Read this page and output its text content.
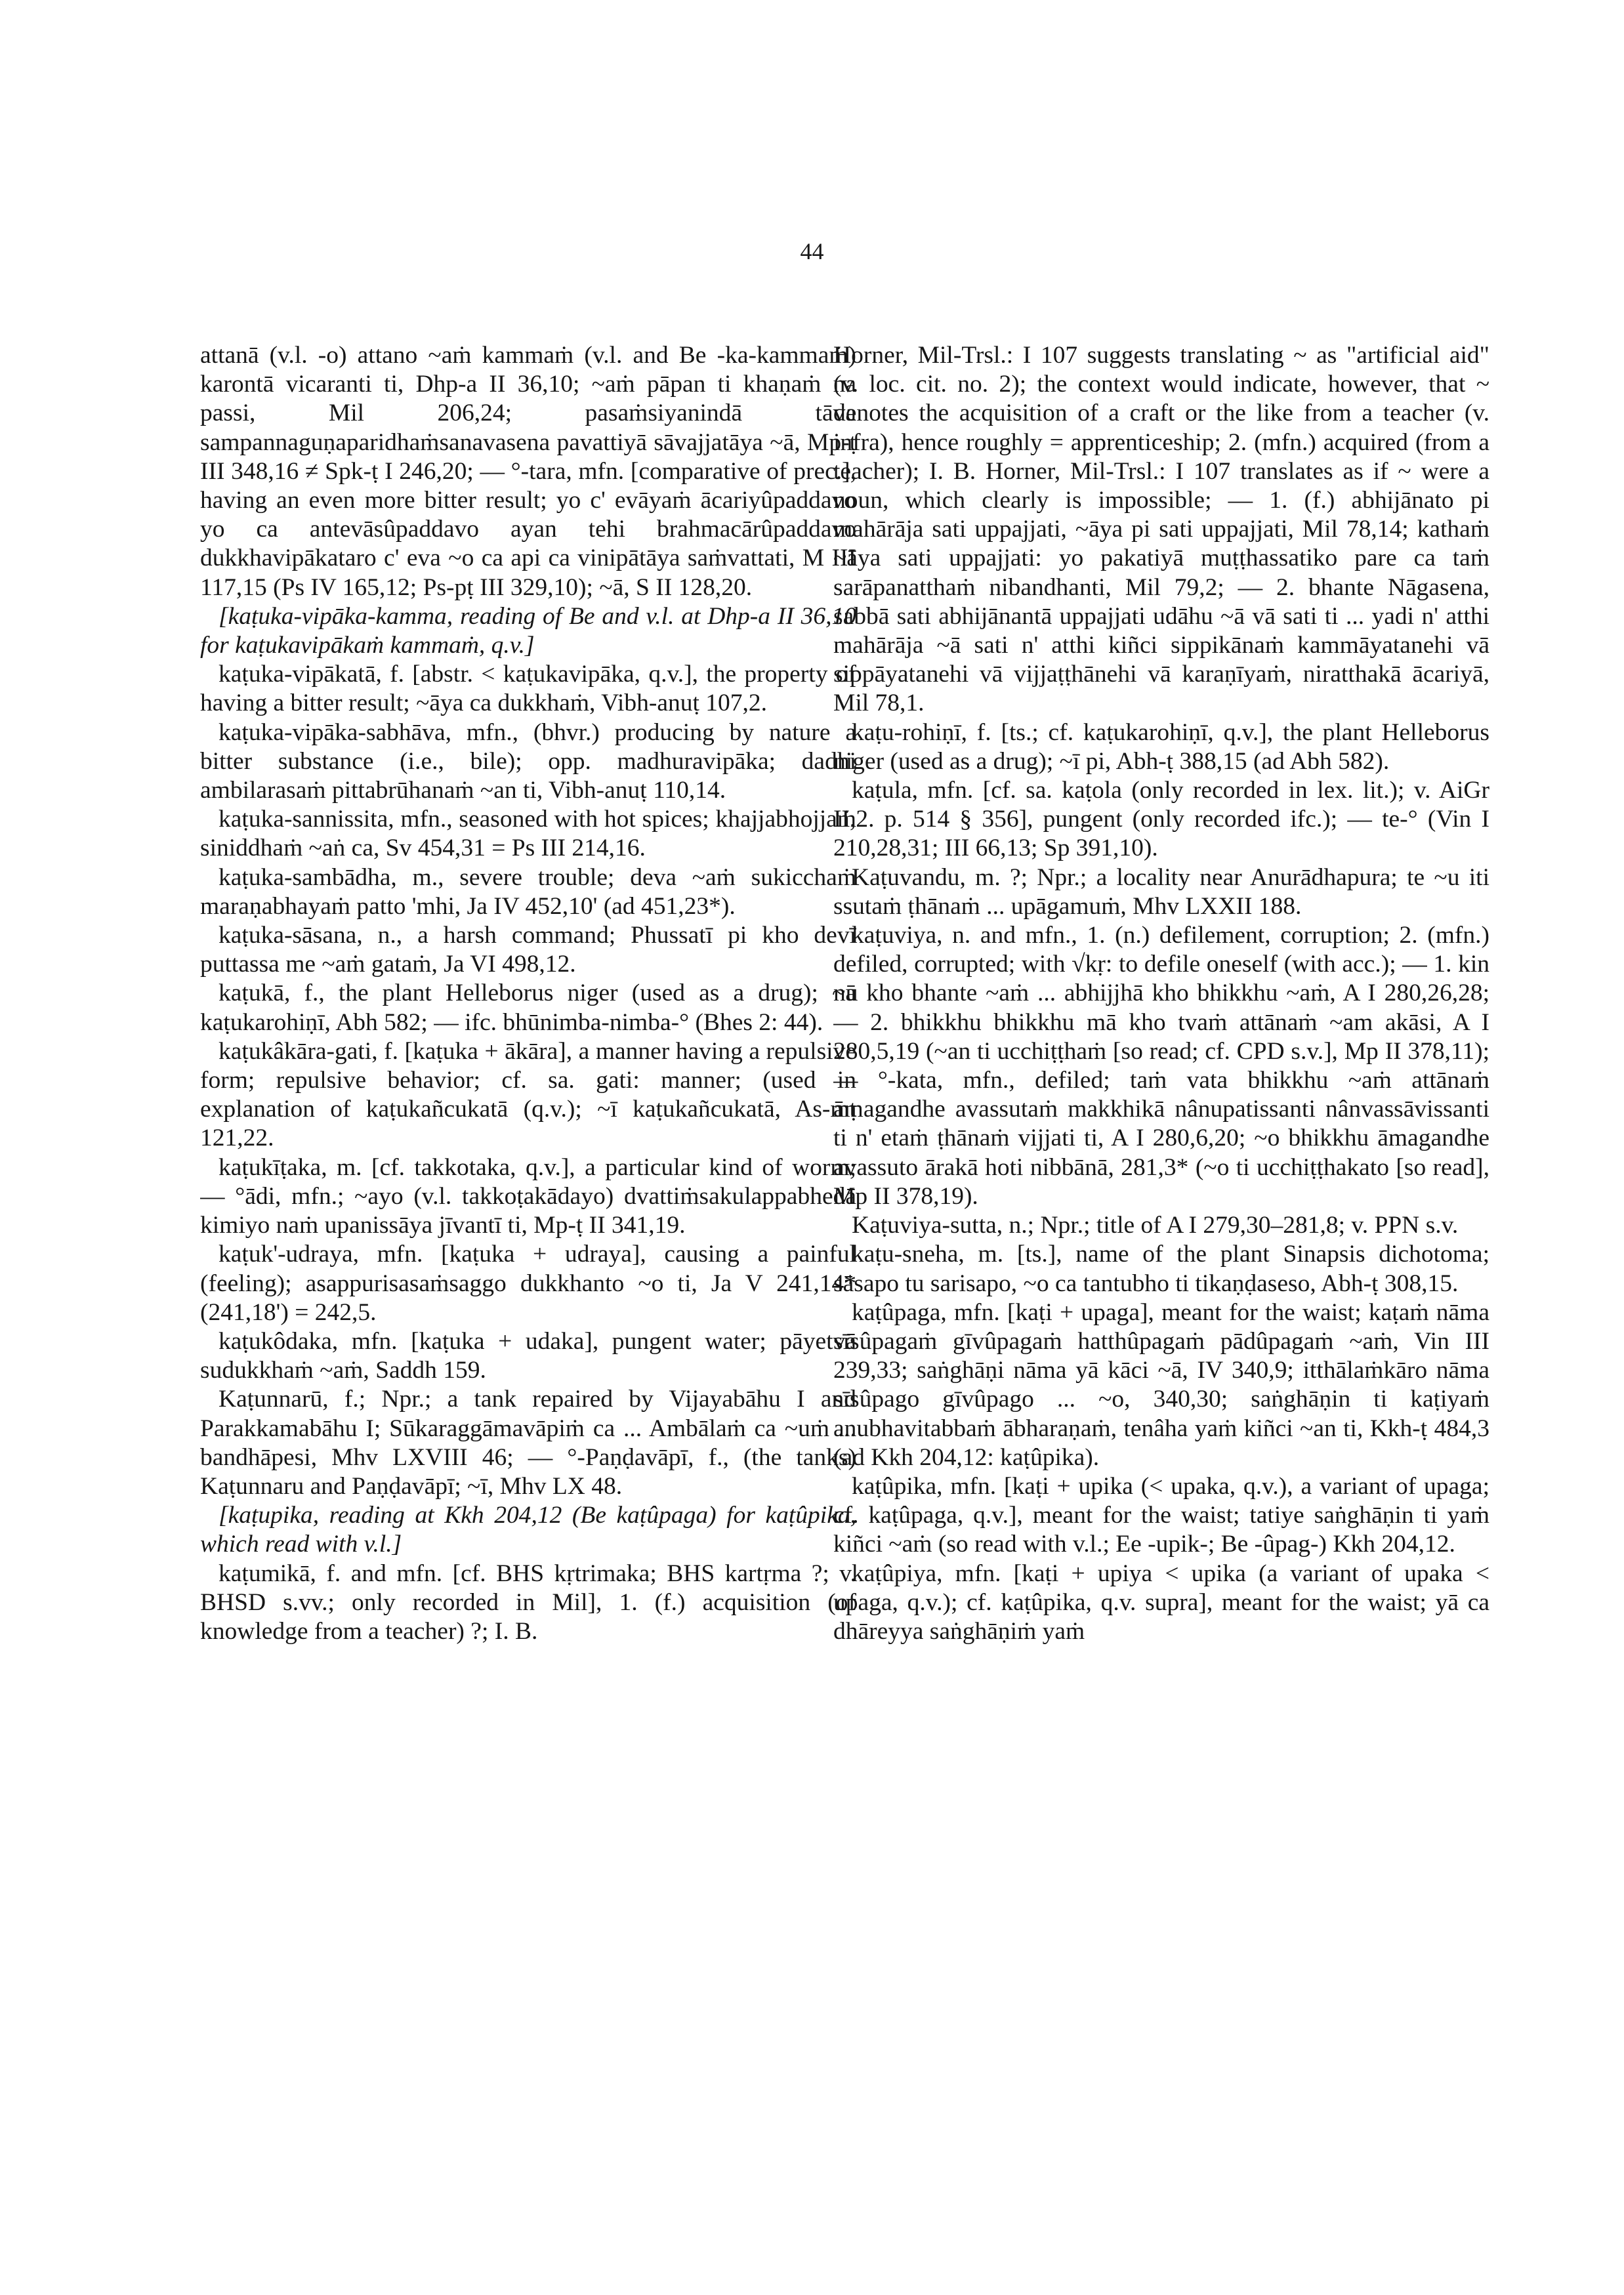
44

attanā (v.l. -o) attano ~aṁ kammaṁ (v.l. and Be -ka-kammaṁ) karontā vicaranti ti, Dhp-a II 36,10; ~aṁ pāpan ti khaṇaṁ na passi, Mil 206,24; pasaṁsiyanindā tāva sampannaguṇaparidhaṁsanavasena pavattiyā sāvajjatāya ~ā, Mp-ṭ III 348,16 ≠ Spk-ṭ I 246,20; — °-tara, mfn. [comparative of prec.], having an even more bitter result; yo c' evāyaṁ ācariyûpaddavo yo ca antevāsûpaddavo ayan tehi brahmacārûpaddavo dukkhavipākataro c' eva ~o ca api ca vinipātāya saṁvattati, M III 117,15 (Ps IV 165,12; Ps-pṭ III 329,10); ~ā, S II 128,20.

[kaṭuka-vipāka-kamma, reading of Be and v.l. at Dhp-a II 36,10 for kaṭukavipākaṁ kammaṁ, q.v.]

kaṭuka-vipākatā, f. [abstr. < kaṭukavipāka, q.v.], the property of having a bitter result; ~āya ca dukkhaṁ, Vibh-anuṭ 107,2.

kaṭuka-vipāka-sabhāva, mfn., (bhvr.) producing by nature a bitter substance (i.e., bile); opp. madhuravipāka; dadhi ambilarasaṁ pittabrūhanaṁ ~an ti, Vibh-anuṭ 110,14.

kaṭuka-sannissita, mfn., seasoned with hot spices; khajjabhojjaṁ siniddhaṁ ~aṅ ca, Sv 454,31 = Ps III 214,16.

kaṭuka-sambādha, m., severe trouble; deva ~aṁ sukicchaṁ maraṇabhayaṁ patto 'mhi, Ja IV 452,10' (ad 451,23*).

kaṭuka-sāsana, n., a harsh command; Phussatī pi kho devī puttassa me ~aṁ gataṁ, Ja VI 498,12.

kaṭukā, f., the plant Helleborus niger (used as a drug); ~ā kaṭukarohiṇī, Abh 582; — ifc. bhūnimba-nimba-° (Bhes 2: 44).

kaṭukâkāra-gati, f. [kaṭuka + ākāra], a manner having a repulsive form; repulsive behavior; cf. sa. gati: manner; (used in explanation of kaṭukañcukatā (q.v.); ~ī kaṭukañcukatā, As-mṭ 121,22.

kaṭukīṭaka, m. [cf. takkotaka, q.v.], a particular kind of worm; — °ādi, mfn.; ~ayo (v.l. takkoṭakādayo) dvattiṁsakulappabhedā kimiyo naṁ upanissāya jīvantī ti, Mp-ṭ II 341,19.

kaṭuk'-udraya, mfn. [kaṭuka + udraya], causing a painful (feeling); asappurisasaṁsaggo dukkhanto ~o ti, Ja V 241,14* (241,18') = 242,5.

kaṭukôdaka, mfn. [kaṭuka + udaka], pungent water; pāyetvā sudukkhaṁ ~aṁ, Saddh 159.

Kaṭunnarū, f.; Npr.; a tank repaired by Vijayabāhu I and Parakkamabāhu I; Sūkaraggāmavāpiṁ ca ... Ambālaṁ ca ~uṁ ... bandhāpesi, Mhv LXVIII 46; — °-Paṇḍavāpī, f., (the tanks) Kaṭunnaru and Paṇḍavāpī; ~ī, Mhv LX 48.

[kaṭupika, reading at Kkh 204,12 (Be kaṭûpaga) for kaṭûpika, which read with v.l.]

kaṭumikā, f. and mfn. [cf. BHS kṛtrimaka; BHS kartṛma ?; v. BHSD s.vv.; only recorded in Mil], 1. (f.) acquisition (of knowledge from a teacher) ?; I. B.

Horner, Mil-Trsl.: I 107 suggests translating ~ as "artificial aid" (v. loc. cit. no. 2); the context would indicate, however, that ~ denotes the acquisition of a craft or the like from a teacher (v. infra), hence roughly = apprenticeship; 2. (mfn.) acquired (from a teacher); I. B. Horner, Mil-Trsl.: I 107 translates as if ~ were a noun, which clearly is impossible; — 1. (f.) abhijānato pi mahārāja sati uppajjati, ~āya pi sati uppajjati, Mil 78,14; kathaṁ ~āya sati uppajjati: yo pakatiyā muṭṭhassatiko pare ca taṁ sarāpanatthaṁ nibandhanti, Mil 79,2; — 2. bhante Nāgasena, sabbā sati abhijānantā uppajjati udāhu ~ā vā sati ti ... yadi n' atthi mahārāja ~ā sati n' atthi kiñci sippikānaṁ kammāyatanehi vā sippāyatanehi vā vijjaṭṭhānehi vā karaṇīyaṁ, niratthakā ācariyā, Mil 78,1.

kaṭu-rohiṇī, f. [ts.; cf. kaṭukarohiṇī, q.v.], the plant Helleborus niger (used as a drug); ~ī pi, Abh-ṭ 388,15 (ad Abh 582).

kaṭula, mfn. [cf. sa. kaṭola (only recorded in lex. lit.); v. AiGr II,2. p. 514 § 356], pungent (only recorded ifc.); — te-° (Vin I 210,28,31; III 66,13; Sp 391,10).

Kaṭuvandu, m. ?; Npr.; a locality near Anurādhapura; te ~u iti ssutaṁ ṭhānaṁ ... upāgamuṁ, Mhv LXXII 188.

kaṭuviya, n. and mfn., 1. (n.) defilement, corruption; 2. (mfn.) defiled, corrupted; with √kṛ: to defile oneself (with acc.); — 1. kin nu kho bhante ~aṁ ... abhijjhā kho bhikkhu ~aṁ, A I 280,26,28; — 2. bhikkhu bhikkhu mā kho tvaṁ attānaṁ ~am akāsi, A I 280,5,19 (~an ti ucchiṭṭhaṁ [so read; cf. CPD s.v.], Mp II 378,11); — °-kata, mfn., defiled; taṁ vata bhikkhu ~aṁ attānaṁ āmagandhe avassutaṁ makkhikā nânupatissanti nânvassāvissanti ti n' etaṁ ṭhānaṁ vijjati ti, A I 280,6,20; ~o bhikkhu āmagandhe avassuto ārakā hoti nibbānā, 281,3* (~o ti ucchiṭṭhakato [so read], Mp II 378,19).

Kaṭuviya-sutta, n.; Npr.; title of A I 279,30–281,8; v. PPN s.v.

kaṭu-sneha, m. [ts.], name of the plant Sinapsis dichotoma; sāsapo tu sarisapo, ~o ca tantubho ti tikaṇḍaseso, Abh-ṭ 308,15.

kaṭûpaga, mfn. [kaṭi + upaga], meant for the waist; kaṭaṁ nāma sīsûpagaṁ gīvûpagaṁ hatthûpagaṁ pādûpagaṁ ~aṁ, Vin III 239,33; saṅghāṇi nāma yā kāci ~ā, IV 340,9; itthālaṁkāro nāma sīsûpago gīvûpago ... ~o, 340,30; saṅghāṇin ti kaṭiyaṁ anubhavitabbaṁ ābharaṇaṁ, tenâha yaṁ kiñci ~an ti, Kkh-ṭ 484,3 (ad Kkh 204,12: kaṭûpika).

kaṭûpika, mfn. [kaṭi + upika (< upaka, q.v.), a variant of upaga; cf. kaṭûpaga, q.v.], meant for the waist; tatiye saṅghāṇin ti yaṁ kiñci ~aṁ (so read with v.l.; Ee -upik-; Be -ûpag-) Kkh 204,12.

kaṭûpiya, mfn. [kaṭi + upiya < upika (a variant of upaka < upaga, q.v.); cf. kaṭûpika, q.v. supra], meant for the waist; yā ca dhāreyya saṅghāṇiṁ yaṁ
